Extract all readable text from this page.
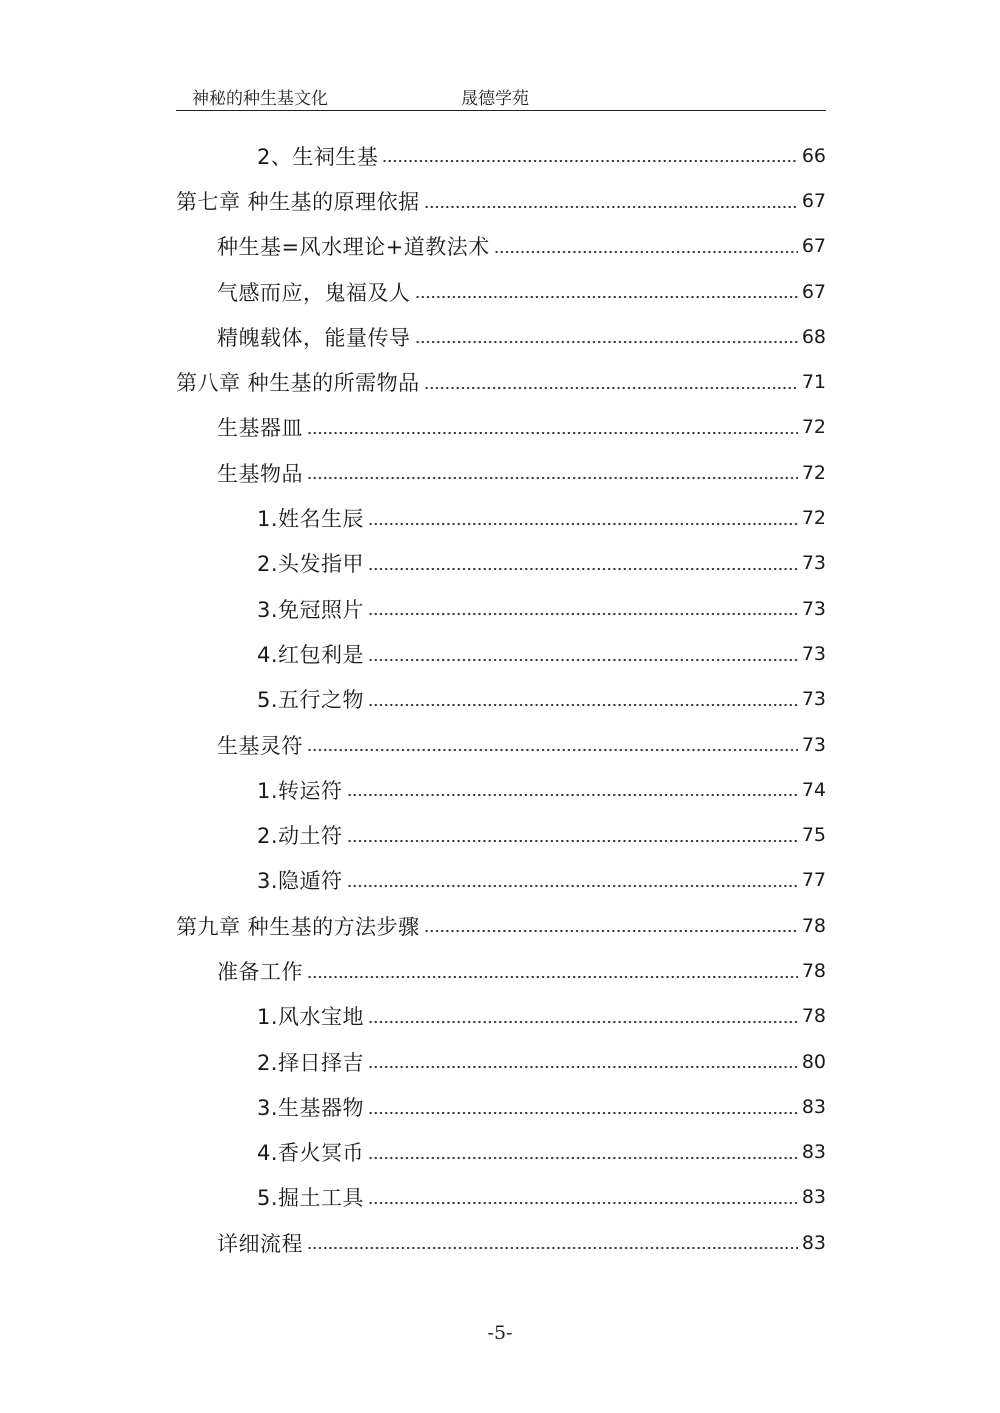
神秘的种生基文化	晟德学苑
2、生祠生基	66
第七章 种生基的原理依据	67
种生基=风水理论+道教法术	67
气感而应，鬼福及人	67
精魄载体，能量传导	68
第八章 种生基的所需物品	71
生基器皿	72
生基物品	72
1.姓名生辰	72
2.头发指甲	73
3.免冠照片	73
4.红包利是	73
5.五行之物	73
生基灵符	73
1.转运符	74
2.动土符	75
3.隐遁符	77
第九章 种生基的方法步骤	78
准备工作	78
1.风水宝地	78
2.择日择吉	80
3.生基器物	83
4.香火冥币	83
5.掘土工具	83
详细流程	83
-5-
